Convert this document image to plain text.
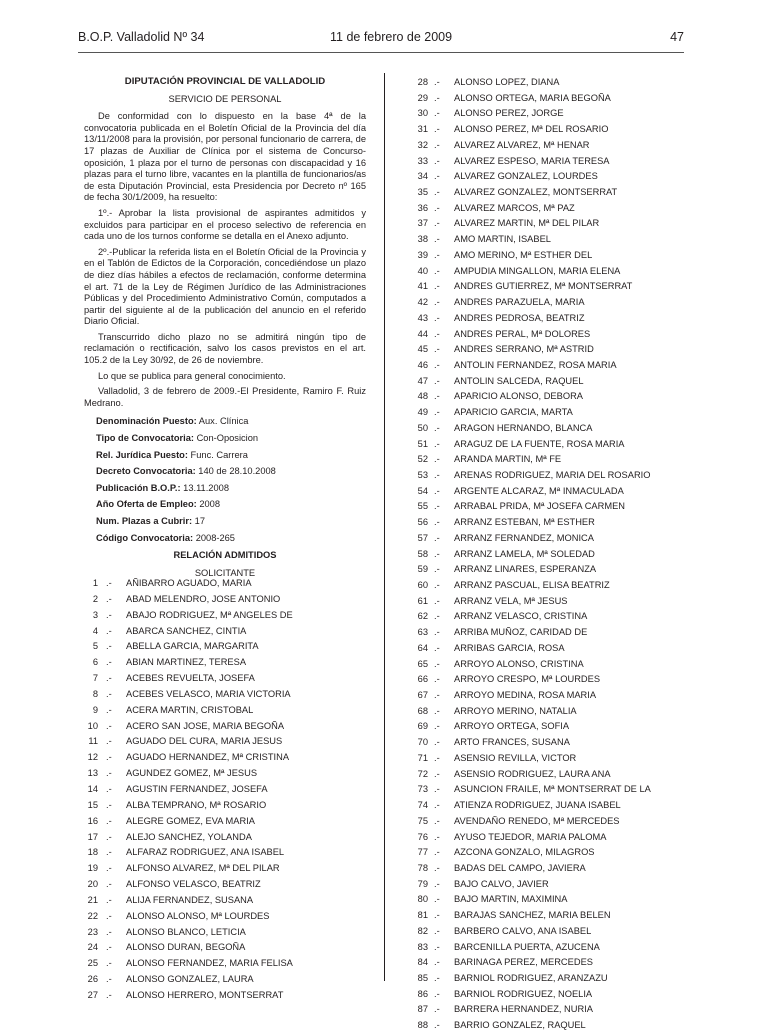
B.O.P. Valladolid Nº 34	11 de febrero de 2009	47
DIPUTACIÓN PROVINCIAL DE VALLADOLID
SERVICIO DE PERSONAL

De conformidad con lo dispuesto en la base 4ª de la convocatoria publicada en el Boletín Oficial de la Provincia del día 13/11/2008 para la provisión, por personal funcionario de carrera, de 17 plazas de Auxiliar de Clínica por el sistema de Concurso-oposición, 1 plaza por el turno de personas con discapacidad y 16 plazas para el turno libre, vacantes en la plantilla de funcionarios/as de esta Diputación Provincial, esta Presidencia por Decreto nº 165 de fecha 30/1/2009, ha resuelto:

1º.- Aprobar la lista provisional de aspirantes admitidos y excluidos para participar en el proceso selectivo de referencia en cada uno de los turnos conforme se detalla en el Anexo adjunto.

2º.-Publicar la referida lista en el Boletín Oficial de la Provincia y en el Tablón de Edictos de la Corporación, concediéndose un plazo de diez días hábiles a efectos de reclamación, conforme determina el art. 71 de la Ley de Régimen Jurídico de las Administraciones Públicas y del Procedimiento Administrativo Común, computados a partir del siguiente al de la publicación del anuncio en el referido Diario Oficial.

Transcurrido dicho plazo no se admitirá ningún tipo de reclamación o rectificación, salvo los casos previstos en el art. 105.2 de la Ley 30/92, de 26 de noviembre.

Lo que se publica para general conocimiento.

Valladolid, 3 de febrero de 2009.-El Presidente, Ramiro F. Ruiz Medrano.

Denominación Puesto: Aux. Clínica
Tipo de Convocatoria: Con-Oposicion
Rel. Jurídica Puesto: Func. Carrera
Decreto Convocatoria: 140 de 28.10.2008
Publicación B.O.P.: 13.11.2008
Año Oferta de Empleo: 2008
Num. Plazas a Cubrir: 17
Código Convocatoria: 2008-265
RELACIÓN ADMITIDOS
SOLICITANTE
1 .- AÑIBARRO AGUADO, MARIA
2 .- ABAD MELENDRO, JOSE ANTONIO
3 .- ABAJO RODRIGUEZ, Mª ANGELES DE
4 .- ABARCA SANCHEZ, CINTIA
5 .- ABELLA GARCIA, MARGARITA
6 .- ABIAN MARTINEZ, TERESA
7 .- ACEBES REVUELTA, JOSEFA
8 .- ACEBES VELASCO, MARIA VICTORIA
9 .- ACERA MARTIN, CRISTOBAL
10 .- ACERO SAN JOSE, MARIA BEGOÑA
11 .- AGUADO DEL CURA, MARIA JESUS
12 .- AGUADO HERNANDEZ, Mª CRISTINA
13 .- AGUNDEZ GOMEZ, Mª JESUS
14 .- AGUSTIN FERNANDEZ, JOSEFA
15 .- ALBA TEMPRANO, Mª ROSARIO
16 .- ALEGRE GOMEZ, EVA MARIA
17 .- ALEJO SANCHEZ, YOLANDA
18 .- ALFARAZ RODRIGUEZ, ANA ISABEL
19 .- ALFONSO ALVAREZ, Mª DEL PILAR
20 .- ALFONSO VELASCO, BEATRIZ
21 .- ALIJA FERNANDEZ, SUSANA
22 .- ALONSO ALONSO, Mª LOURDES
23 .- ALONSO BLANCO, LETICIA
24 .- ALONSO DURAN, BEGOÑA
25 .- ALONSO FERNANDEZ, MARIA FELISA
26 .- ALONSO GONZALEZ, LAURA
27 .- ALONSO HERRERO, MONTSERRAT
28 .- ALONSO LOPEZ, DIANA
29 .- ALONSO ORTEGA, MARIA BEGOÑA
30 .- ALONSO PEREZ, JORGE
31 .- ALONSO PEREZ, Mª DEL ROSARIO
32 .- ALVAREZ ALVAREZ, Mª HENAR
33 .- ALVAREZ ESPESO, MARIA TERESA
34 .- ALVAREZ GONZALEZ, LOURDES
35 .- ALVAREZ GONZALEZ, MONTSERRAT
36 .- ALVAREZ MARCOS, Mª PAZ
37 .- ALVAREZ MARTIN, Mª DEL PILAR
38 .- AMO MARTIN, ISABEL
39 .- AMO MERINO, Mª ESTHER DEL
40 .- AMPUDIA MINGALLON, MARIA ELENA
41 .- ANDRES GUTIERREZ, Mª MONTSERRAT
42 .- ANDRES PARAZUELA, MARIA
43 .- ANDRES PEDROSA, BEATRIZ
44 .- ANDRES PERAL, Mª DOLORES
45 .- ANDRES SERRANO, Mª ASTRID
46 .- ANTOLIN FERNANDEZ, ROSA MARIA
47 .- ANTOLIN SALCEDA, RAQUEL
48 .- APARICIO ALONSO, DEBORA
49 .- APARICIO GARCIA, MARTA
50 .- ARAGON HERNANDO, BLANCA
51 .- ARAGUZ DE LA FUENTE, ROSA MARIA
52 .- ARANDA MARTIN, Mª FE
53 .- ARENAS RODRIGUEZ, MARIA DEL ROSARIO
54 .- ARGENTE ALCARAZ, Mª INMACULADA
55 .- ARRABAL PRIDA, Mª JOSEFA CARMEN
56 .- ARRANZ ESTEBAN, Mª ESTHER
57 .- ARRANZ FERNANDEZ, MONICA
58 .- ARRANZ LAMELA, Mª SOLEDAD
59 .- ARRANZ LINARES, ESPERANZA
60 .- ARRANZ PASCUAL, ELISA BEATRIZ
61 .- ARRANZ VELA, Mª JESUS
62 .- ARRANZ VELASCO, CRISTINA
63 .- ARRIBA MUÑOZ, CARIDAD DE
64 .- ARRIBAS GARCIA, ROSA
65 .- ARROYO ALONSO, CRISTINA
66 .- ARROYO CRESPO, Mª LOURDES
67 .- ARROYO MEDINA, ROSA MARIA
68 .- ARROYO MERINO, NATALIA
69 .- ARROYO ORTEGA, SOFIA
70 .- ARTO FRANCES, SUSANA
71 .- ASENSIO REVILLA, VICTOR
72 .- ASENSIO RODRIGUEZ, LAURA ANA
73 .- ASUNCION FRAILE, Mª MONTSERRAT DE LA
74 .- ATIENZA RODRIGUEZ, JUANA ISABEL
75 .- AVENDAÑO RENEDO, Mª MERCEDES
76 .- AYUSO TEJEDOR, MARIA PALOMA
77 .- AZCONA GONZALO, MILAGROS
78 .- BADAS DEL CAMPO, JAVIERA
79 .- BAJO CALVO, JAVIER
80 .- BAJO MARTIN, MAXIMINA
81 .- BARAJAS SANCHEZ, MARIA BELEN
82 .- BARBERO CALVO, ANA ISABEL
83 .- BARCENILLA PUERTA, AZUCENA
84 .- BARINAGA PEREZ, MERCEDES
85 .- BARNIOL RODRIGUEZ, ARANZAZU
86 .- BARNIOL RODRIGUEZ, NOELIA
87 .- BARRERA HERNANDEZ, NURIA
88 .- BARRIO GONZALEZ, RAQUEL
